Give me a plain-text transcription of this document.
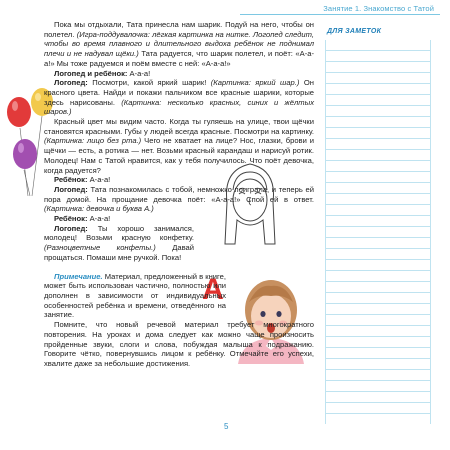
Занятие 1. Знакомство с Татой
ДЛЯ ЗАМЕТОК
А

Пока мы отдыхали, Тата принесла нам шарик. Подуй на него, чтобы он полетел. (Игра-поддувалочка: лёгкая картинка на нитке. Логопед следит, чтобы во время плавного и длительного выдоха ребёнок не поднимал плечи и не надувал щёки.) Тата радуется, что шарик полетел, и поёт: «А-а-а!» Мы тоже радуемся и поём вместе с ней: «А-а-а!»

Логопед и ребёнок: А-а-а!

Логопед: Посмотри, какой яркий шарик! (Картинка: яркий шар.) Он красного цвета. Найди и покажи пальчиком все красные шарики, которые здесь нарисованы. (Картинка: несколько красных, синих и жёлтых шаров.)

Красный цвет мы видим часто. Когда ты гуляешь на улице, твои щёчки становятся красными. Губы у людей всегда красные. Посмотри на картинку. (Картинка: лицо без рта.) Чего не хватает на лице? Нос, глазки, брови и щёчки — есть, а ротика — нет. Возьми красный карандаш и нарисуй ротик. Молодец! Нам с Татой нравится, как у тебя получилось. Что поёт девочка, когда радуется?

Ребёнок: А-а-а!

Логопед: Тата познакомилась с тобой, немножко поиграла, и теперь ей пора домой. На прощание девочка поёт: «А-а-а!» Спой ей в ответ. (Картинка: девочка и буква А.)

Ребёнок: А-а-а!

Логопед: Ты хорошо занимался, молодец! Возьми красную конфетку. (Разноцветные конфеты.) Давай прощаться. Помаши мне ручкой. Пока!

Примечание. Материал, предложенный в книге, может быть использован частично, полностью или дополнен в зависимости от индивидуальных особенностей ребёнка и времени, отведённого на занятие.

Помните, что новый речевой материал требует многократного повторения. На уроках и дома следует как можно чаще произносить пройденные звуки, слоги и слова, побуждая малыша к подражанию. Говорите чётко, повернувшись лицом к ребёнку. Отмечайте его успехи, хвалите даже за небольшие достижения.

5
